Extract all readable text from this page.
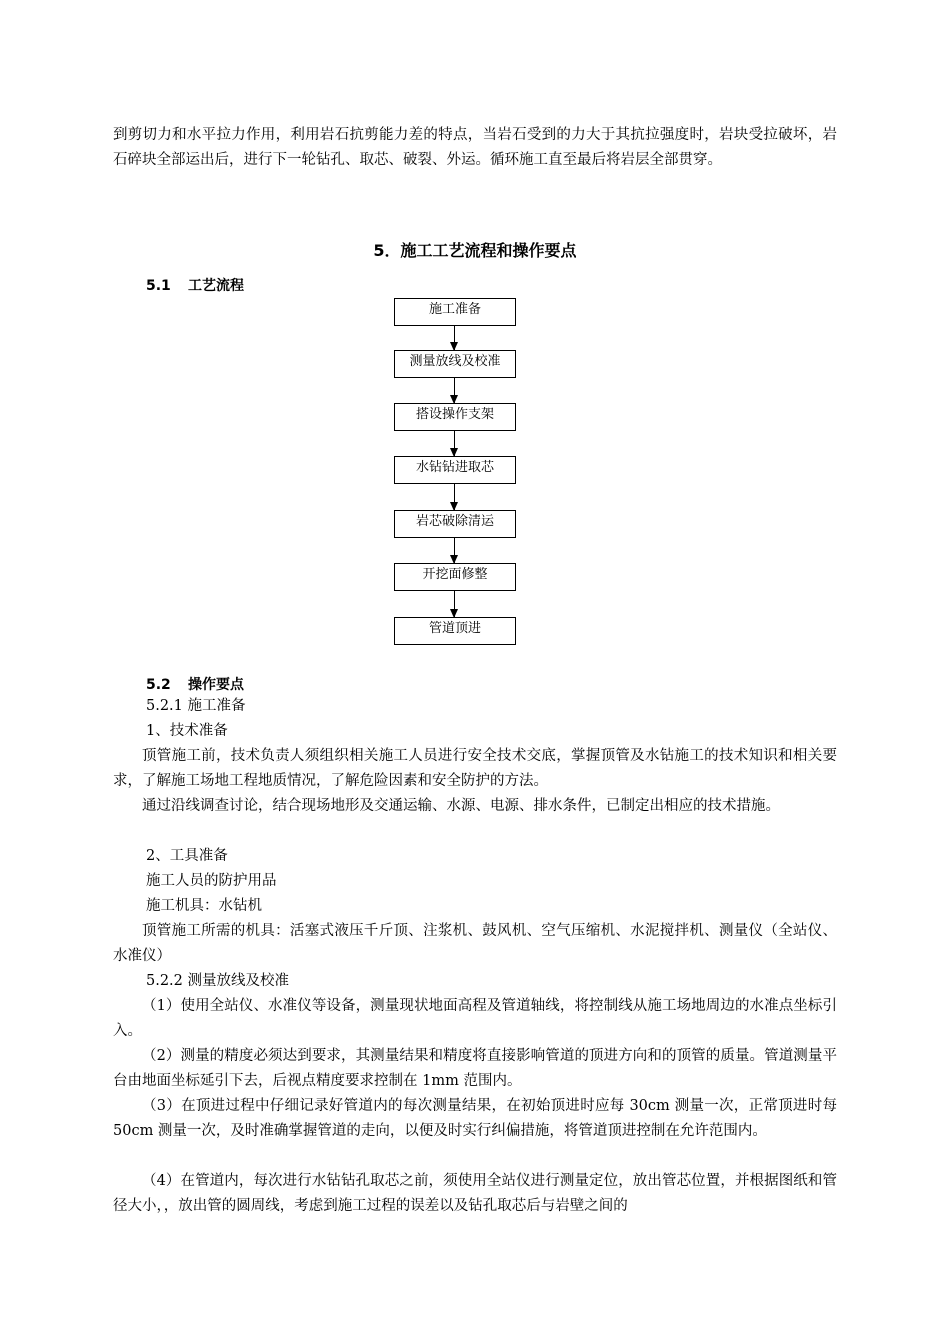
到剪切力和水平拉力作用，利用岩石抗剪能力差的特点，当岩石受到的力大于其抗拉强度时，岩块受拉破坏，岩石碎块全部运出后，进行下一轮钻孔、取芯、破裂、外运。循环施工直至最后将岩层全部贯穿。

5．施工工艺流程和操作要点
5.1 工艺流程
施工准备
测量放线及校准
搭设操作支架
水钻钻进取芯
岩芯破除清运
开挖面修整
管道顶进
5.2 操作要点

5.2.1 施工准备

1、技术准备

顶管施工前，技术负责人须组织相关施工人员进行安全技术交底，掌握顶管及水钻施工的技术知识和相关要求，了解施工场地工程地质情况，了解危险因素和安全防护的方法。

通过沿线调查讨论，结合现场地形及交通运输、水源、电源、排水条件，已制定出相应的技术措施。

2、工具准备

施工人员的防护用品

施工机具：水钻机

顶管施工所需的机具：活塞式液压千斤顶、注浆机、鼓风机、空气压缩机、水泥搅拌机、测量仪（全站仪、水准仪）

5.2.2 测量放线及校准

（1）使用全站仪、水准仪等设备，测量现状地面高程及管道轴线，将控制线从施工场地周边的水准点坐标引入。

（2）测量的精度必须达到要求，其测量结果和精度将直接影响管道的顶进方向和的顶管的质量。管道测量平台由地面坐标延引下去，后视点精度要求控制在 1mm 范围内。

（3）在顶进过程中仔细记录好管道内的每次测量结果，在初始顶进时应每 30cm 测量一次，正常顶进时每 50cm 测量一次，及时准确掌握管道的走向，以便及时实行纠偏措施，将管道顶进控制在允许范围内。

（4）在管道内，每次进行水钻钻孔取芯之前，须使用全站仪进行测量定位，放出管芯位置，并根据图纸和管径大小，，放出管的圆周线，考虑到施工过程的误差以及钻孔取芯后与岩壁之间的
